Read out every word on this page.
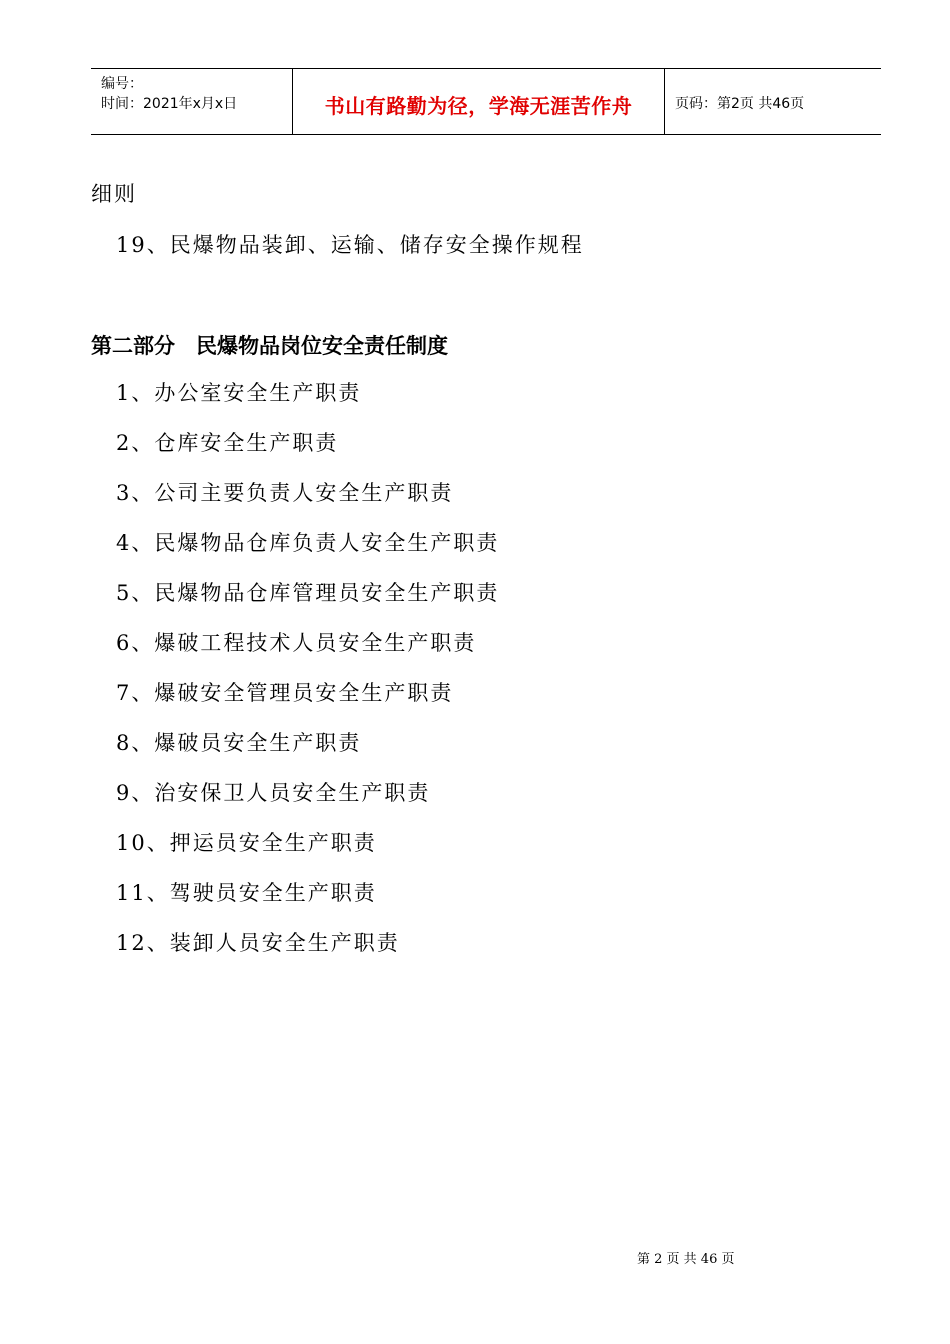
编号：
时间：2021年x月x日	书山有路勤为径，学海无涯苦作舟	页码：第2页 共46页
细则
19、民爆物品装卸、运输、储存安全操作规程
第二部分　民爆物品岗位安全责任制度
1、办公室安全生产职责
2、仓库安全生产职责
3、公司主要负责人安全生产职责
4、民爆物品仓库负责人安全生产职责
5、民爆物品仓库管理员安全生产职责
6、爆破工程技术人员安全生产职责
7、爆破安全管理员安全生产职责
8、爆破员安全生产职责
9、治安保卫人员安全生产职责
10、押运员安全生产职责
11、驾驶员安全生产职责
12、装卸人员安全生产职责
第 2 页 共 46 页
